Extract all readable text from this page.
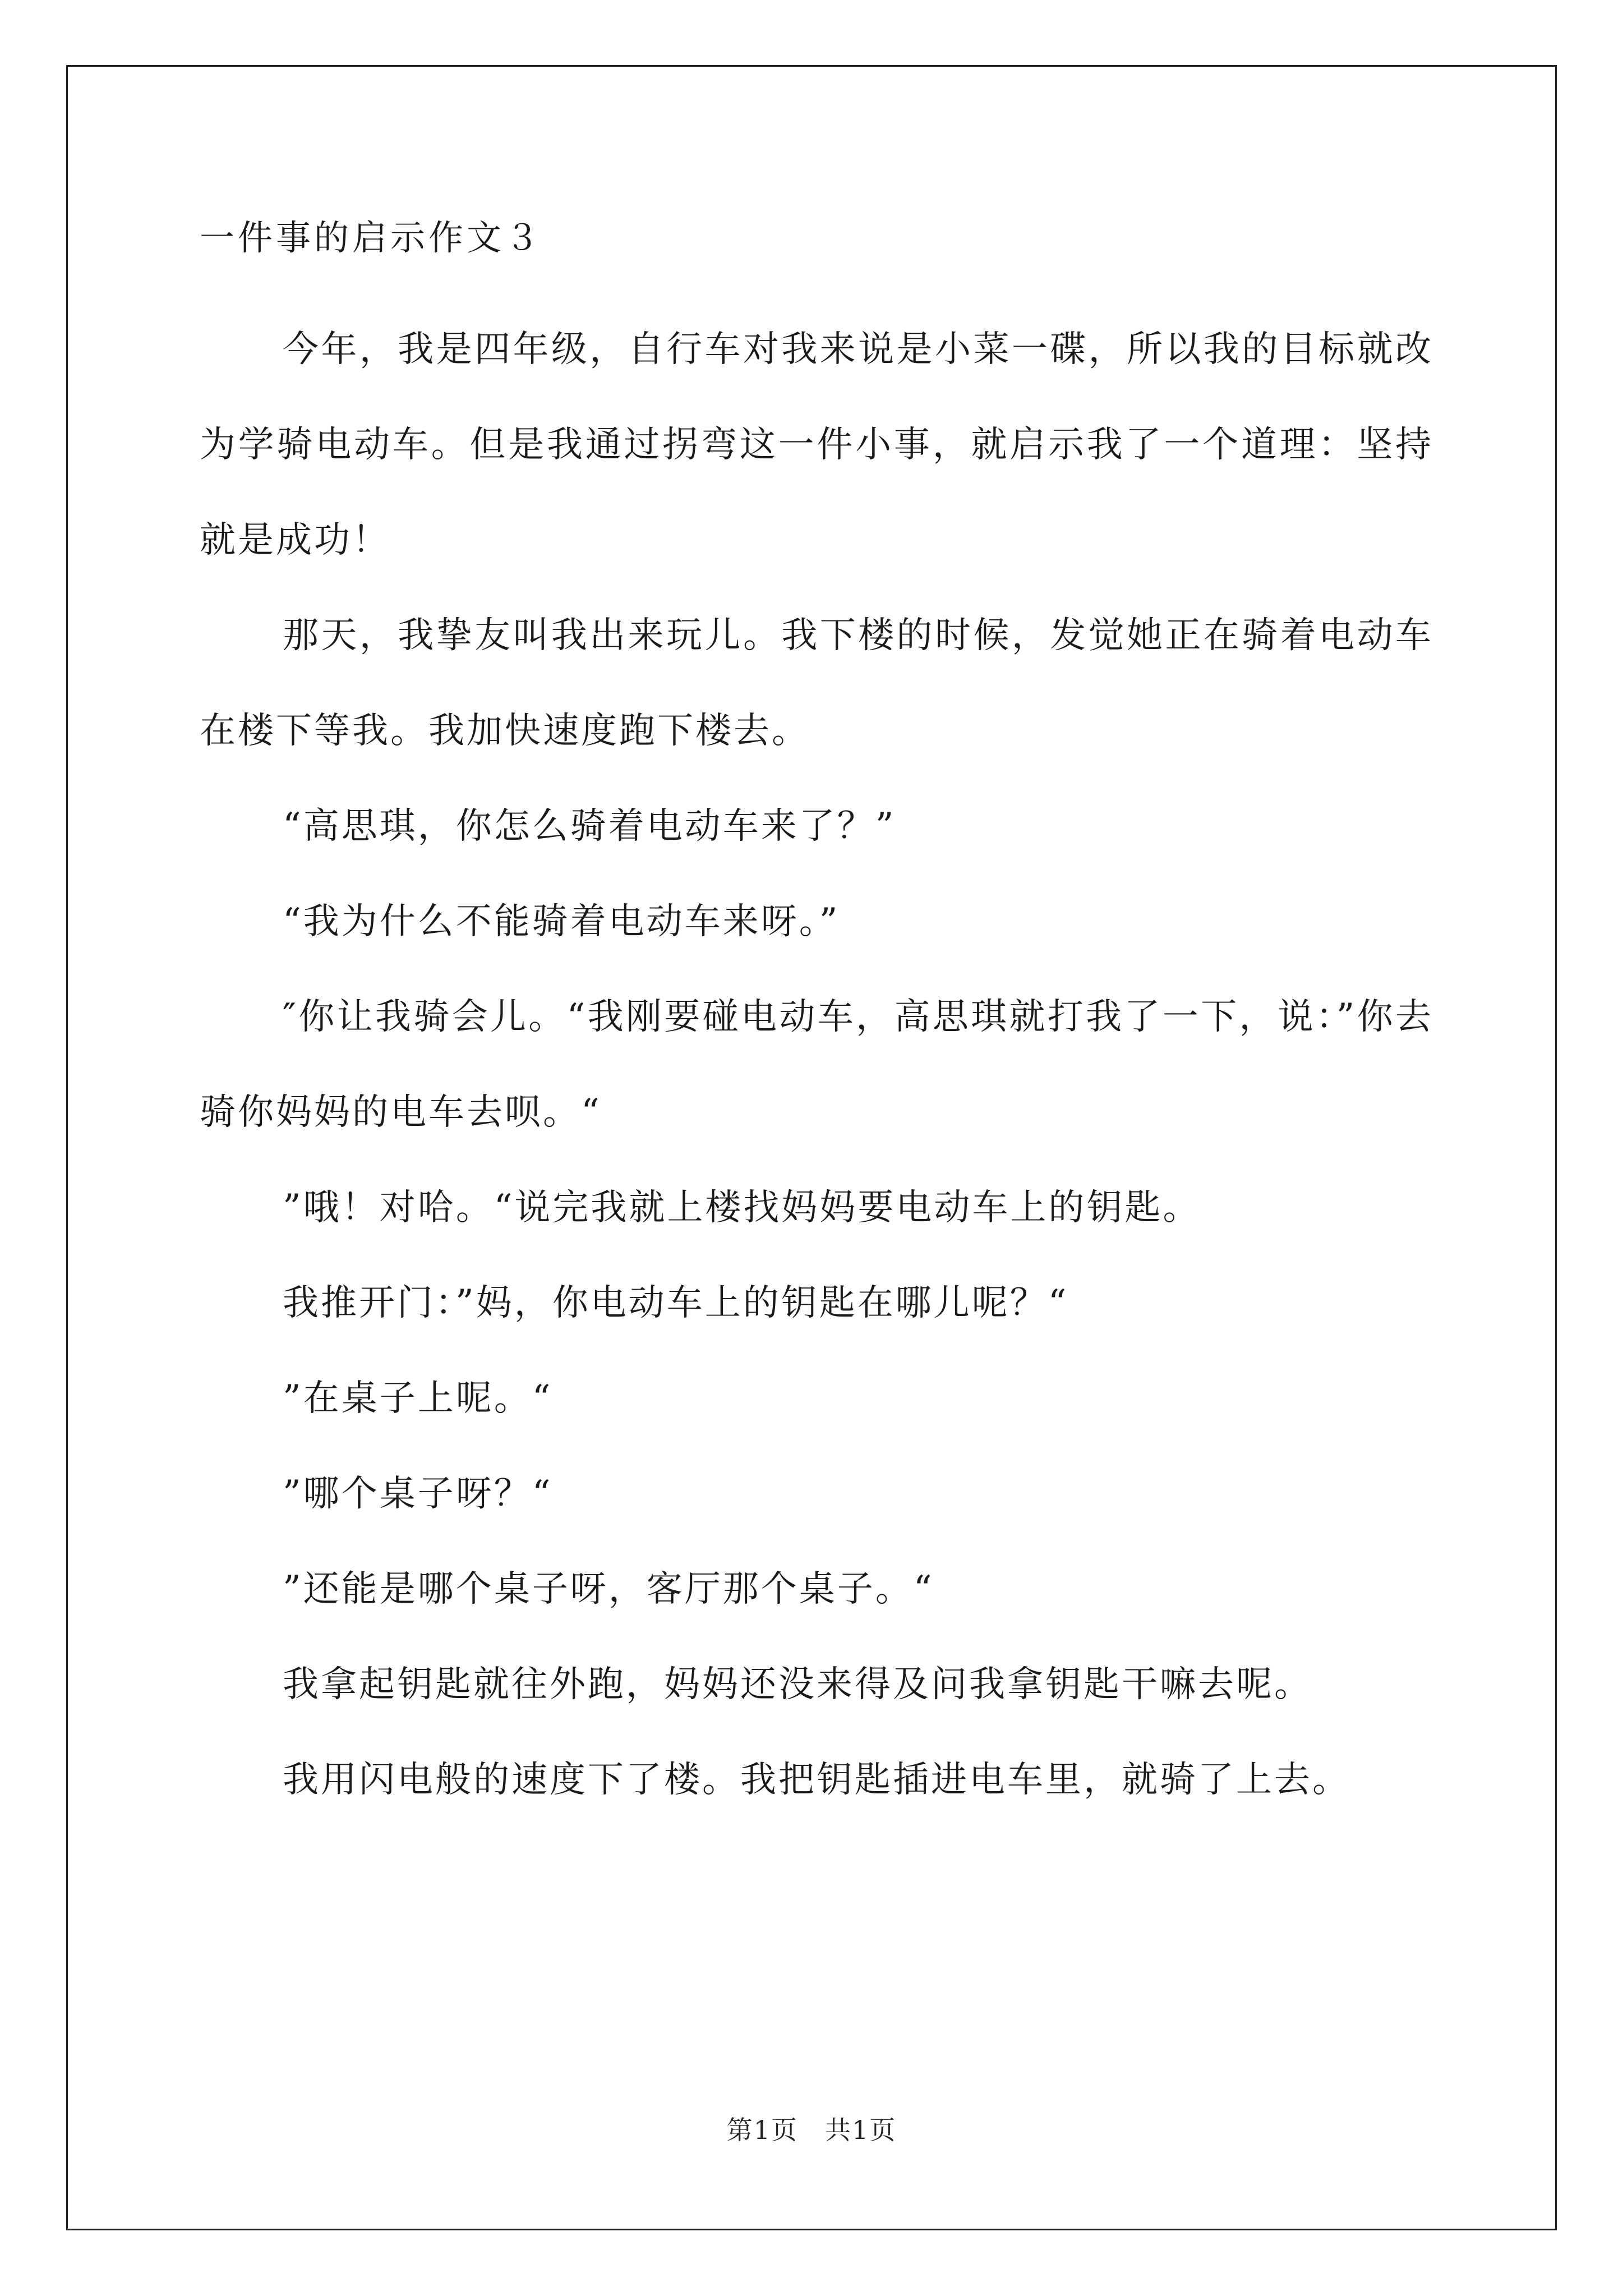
一件事的启示作文３

今年，我是四年级，自行车对我来说是小菜一碟，所以我的目标就改为学骑电动车。但是我通过拐弯这一件小事，就启示我了一个道理：坚持就是成功！

那天，我挚友叫我出来玩儿。我下楼的时候，发觉她正在骑着电动车在楼下等我。我加快速度跑下楼去。

“高思琪，你怎么骑着电动车来了？”

“我为什么不能骑着电动车来呀。”

″你让我骑会儿。“我刚要碰电动车，高思琪就打我了一下，说：”你去骑你妈妈的电车去呗。“

”哦！对哈。“说完我就上楼找妈妈要电动车上的钥匙。

我推开门：”妈，你电动车上的钥匙在哪儿呢？“

”在桌子上呢。“

”哪个桌子呀？“

”还能是哪个桌子呀，客厅那个桌子。“

我拿起钥匙就往外跑，妈妈还没来得及问我拿钥匙干嘛去呢。

我用闪电般的速度下了楼。我把钥匙插进电车里，就骑了上去。

第1页　共1页
